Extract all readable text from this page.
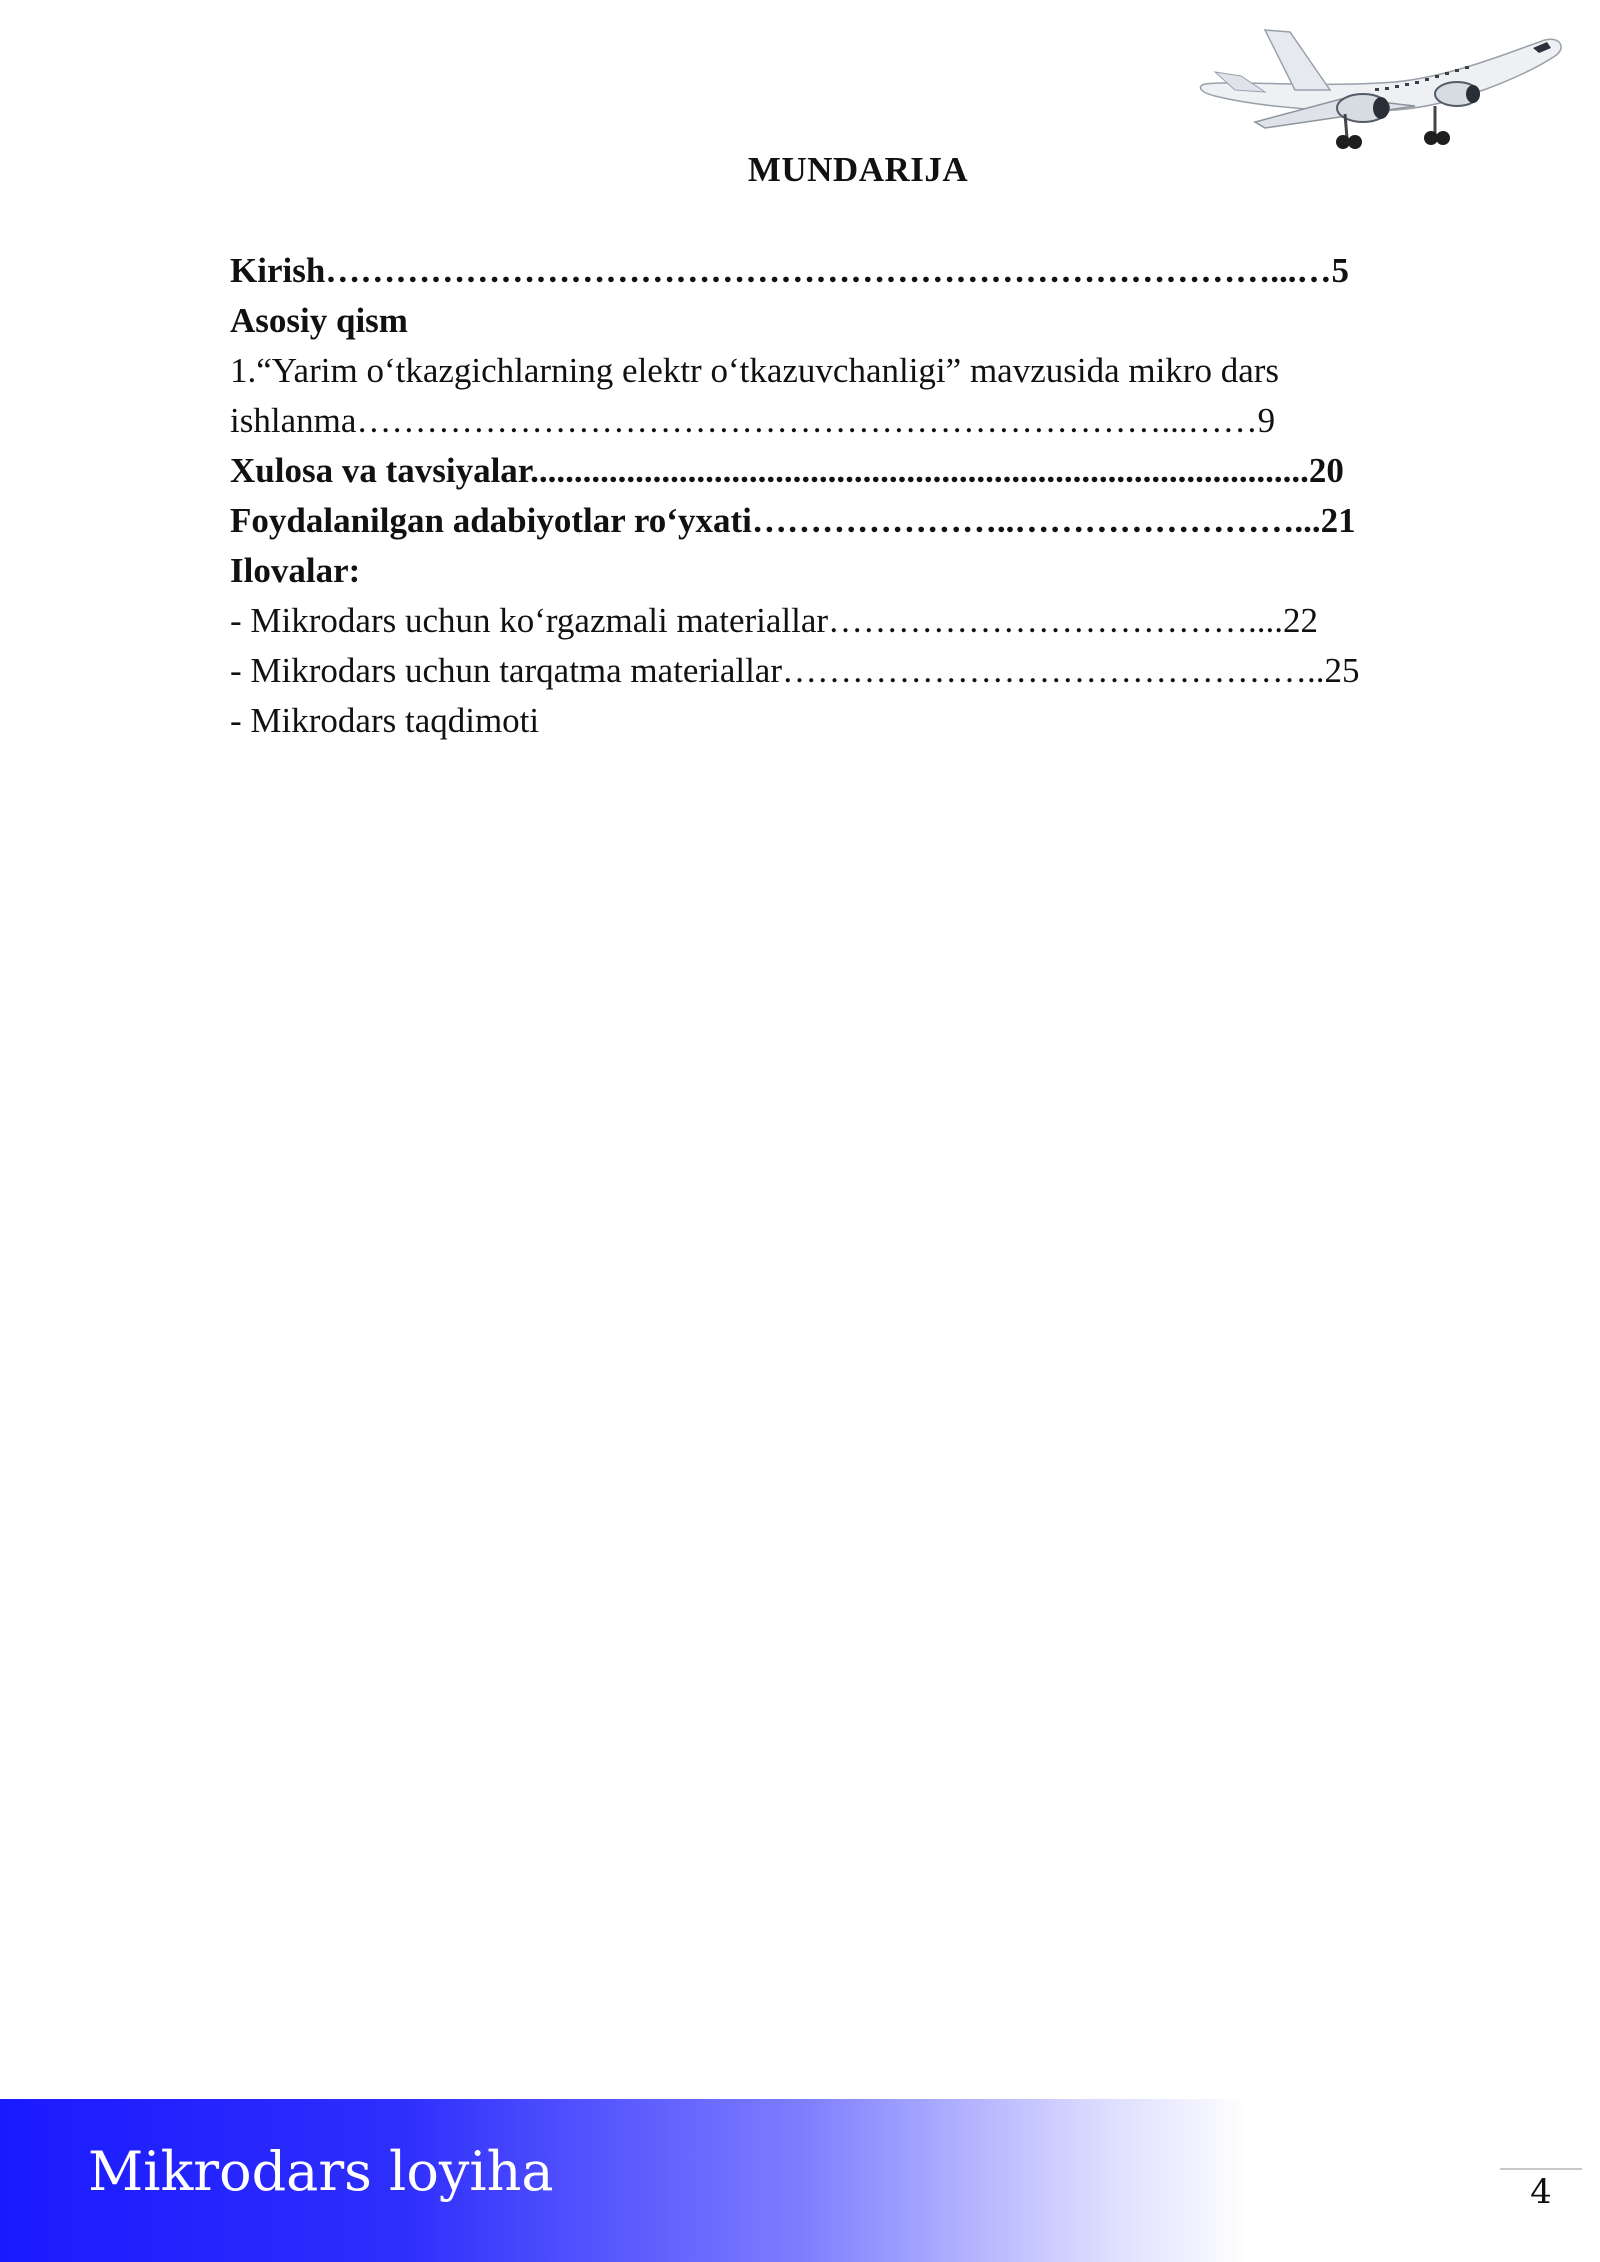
MUNDARIJA
Kirish………………………………………………………………………...…5
Asosiy qism
1.“Yarim o‘tkazgichlarning elektr o‘tkazuvchanligi” mavzusida mikro dars
ishlanma……………………………………………………………...……9
Xulosa va tavsiyalar.........................................................................................20
Foydalanilgan adabiyotlar ro‘yxati…………………..……………………...21
Ilovalar:
- Mikrodars uchun ko‘rgazmali materiallar………………………………....22
- Mikrodars uchun tarqatma materiallar………………………………………..25
- Mikrodars taqdimoti
Mikrodars loyiha	4
